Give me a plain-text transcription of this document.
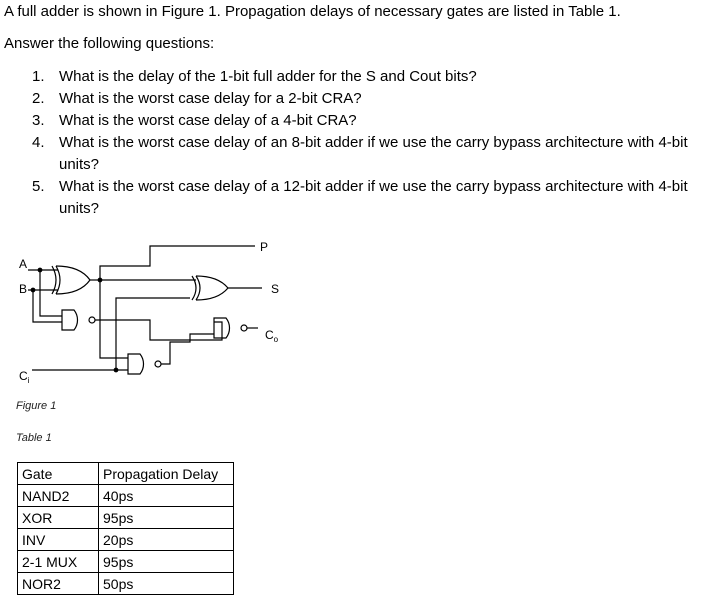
A full adder is shown in Figure 1. Propagation delays of necessary gates are listed in Table 1.
Answer the following questions:
1. What is the delay of the 1-bit full adder for the S and Cout bits?
2. What is the worst case delay for a 2-bit CRA?
3. What is the worst case delay of a 4-bit CRA?
4. What is the worst case delay of an 8-bit adder if we use the carry bypass architecture with 4-bit units?
5. What is the worst case delay of a 12-bit adder if we use the carry bypass architecture with 4-bit units?
A
B
$C_i$
P
S
$C_o$
Figure 1
Table 1
Gate	Propagation Delay
NAND2	40ps
XOR	95ps
INV	20ps
2-1 MUX	95ps
NOR2	50ps
